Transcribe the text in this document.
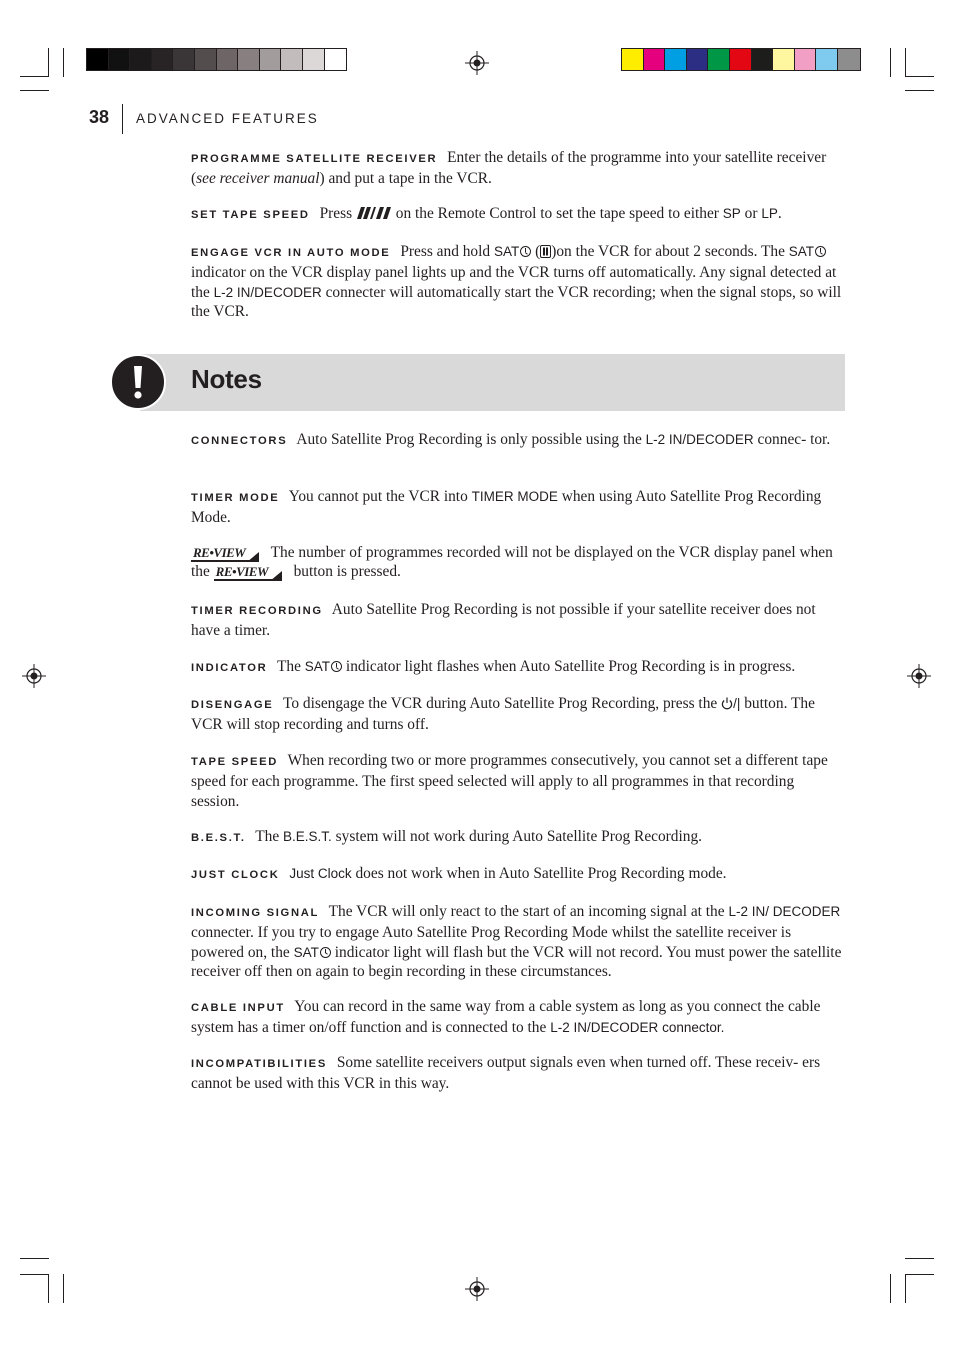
38 ADVANCED FEATURES
PROGRAMME SATELLITE RECEIVER Enter the details of the programme into your satellite receiver (see receiver manual) and put a tape in the VCR.
SET TAPE SPEED Press	on the Remote Control to set the tape speed to either SP or LP.
ENGAGE VCR IN AUTO MODE Press and hold SAT ( )on the VCR for about 2 seconds. The SAT indicator on the VCR display panel lights up and the VCR turns off automatically. Any signal detected at the L-2 IN/DECODER connecter will automatically start the VCR recording; when the signal stops, so will the VCR.
Notes
CONNECTORS Auto Satellite Prog Recording is only possible using the L-2 IN/DECODER connec- tor.
TIMER MODE You cannot put the VCR into TIMER MODE when using Auto Satellite Prog Recording Mode.
RE•VIEW The number of programmes recorded will not be displayed on the VCR display panel when the RE•VIEW button is pressed.
TIMER RECORDING Auto Satellite Prog Recording is not possible if your satellite receiver does not have a timer.
INDICATOR The SAT indicator light flashes when Auto Satellite Prog Recording is in progress.
DISENGAGE To disengage the VCR during Auto Satellite Prog Recording, press the /| button. The VCR will stop recording and turns off.
TAPE SPEED When recording two or more programmes consecutively, you cannot set a different tape speed for each programme. The first speed selected will apply to all programmes in that recording session.
B.E.S.T. The B.E.S.T. system will not work during Auto Satellite Prog Recording.
JUST CLOCK Just Clock does not work when in Auto Satellite Prog Recording mode.
INCOMING SIGNAL The VCR will only react to the start of an incoming signal at the L-2 IN/ DECODER connecter. If you try to engage Auto Satellite Prog Recording Mode whilst the satellite receiver is powered on, the SAT indicator light will flash but the VCR will not record. You must power the satellite receiver off then on again to begin recording in these circumstances.
CABLE INPUT You can record in the same way from a cable system as long as you connect the cable system has a timer on/off function and is connected to the L-2 IN/DECODER connector.
INCOMPATIBILITIES Some satellite receivers output signals even when turned off. These receiv- ers cannot be used with this VCR in this way.
